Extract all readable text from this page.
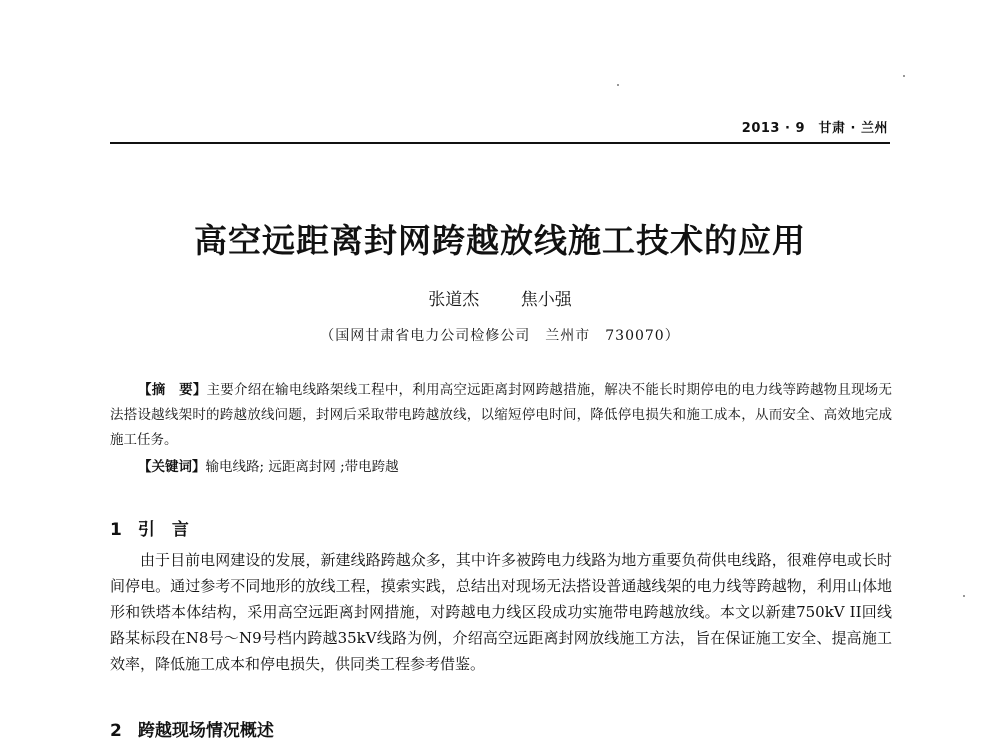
2013 · 9　甘肃 · 兰州
高空远距离封网跨越放线施工技术的应用
张道杰 焦小强
（国网甘肃省电力公司检修公司　兰州市　730070）
【摘　要】主要介绍在输电线路架线工程中，利用高空远距离封网跨越措施，解决不能长时期停电的电力线等跨越物且现场无法搭设越线架时的跨越放线问题，封网后采取带电跨越放线，以缩短停电时间，降低停电损失和施工成本，从而安全、高效地完成施工任务。
【关键词】输电线路; 远距离封网 ;带电跨越
1 引　言
由于目前电网建设的发展，新建线路跨越众多，其中许多被跨电力线路为地方重要负荷供电线路，很难停电或长时间停电。通过参考不同地形的放线工程，摸索实践，总结出对现场无法搭设普通越线架的电力线等跨越物，利用山体地形和铁塔本体结构，采用高空远距离封网措施，对跨越电力线区段成功实施带电跨越放线。本文以新建750kV II回线路某标段在N8号～N9号档内跨越35kV线路为例，介绍高空远距离封网放线施工方法，旨在保证施工安全、提高施工效率，降低施工成本和停电损失，供同类工程参考借鉴。
2 跨越现场情况概述
